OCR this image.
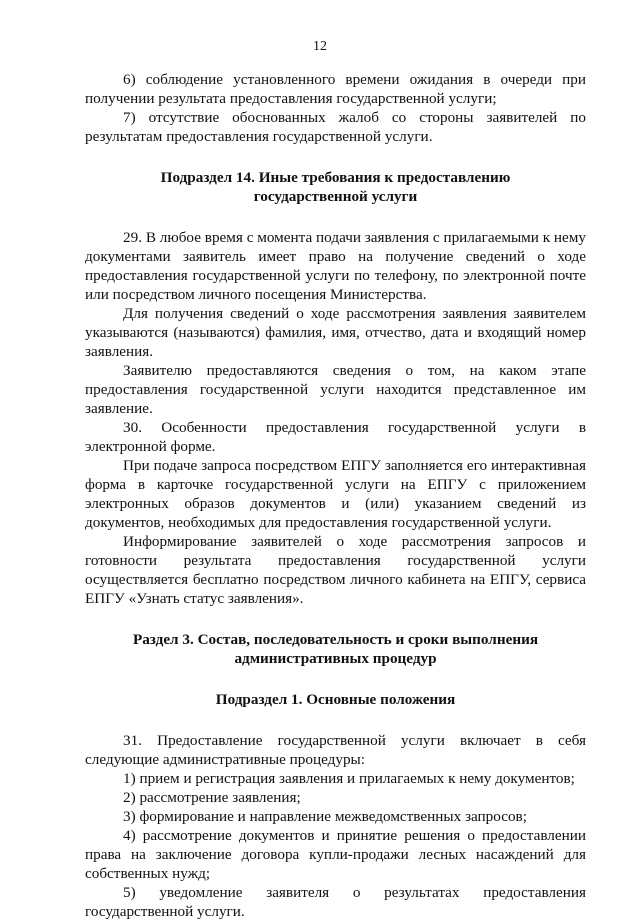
12

6) соблюдение установленного времени ожидания в очереди при получении результата предоставления государственной услуги;

7) отсутствие обоснованных жалоб со стороны заявителей по результатам предоставления государственной услуги.

Подраздел 14. Иные требования к предоставлению
государственной услуги

29. В любое время с момента подачи заявления с прилагаемыми к нему документами заявитель имеет право на получение сведений о ходе предоставления государственной услуги по телефону, по электронной почте или посредством личного посещения Министерства.

Для получения сведений о ходе рассмотрения заявления заявителем указываются (называются) фамилия, имя, отчество, дата и входящий номер заявления.

Заявителю предоставляются сведения о том, на каком этапе предоставления государственной услуги находится представленное им заявление.

30. Особенности предоставления государственной услуги в электронной форме.

При подаче запроса посредством ЕПГУ заполняется его интерактивная форма в карточке государственной услуги на ЕПГУ с приложением электронных образов документов и (или) указанием сведений из документов, необходимых для предоставления государственной услуги.

Информирование заявителей о ходе рассмотрения запросов и готовности результата предоставления государственной услуги осуществляется бесплатно посредством личного кабинета на ЕПГУ, сервиса ЕПГУ «Узнать статус заявления».

Раздел 3. Состав, последовательность и сроки выполнения
административных процедур
Подраздел 1. Основные положения

31. Предоставление государственной услуги включает в себя следующие административные процедуры:

1) прием и регистрация заявления и прилагаемых к нему документов;

2) рассмотрение заявления;

3) формирование и направление межведомственных запросов;

4) рассмотрение документов и принятие решения о предоставлении права на заключение договора купли-продажи лесных насаждений для собственных нужд;

5) уведомление заявителя о результатах предоставления государственной услуги.
